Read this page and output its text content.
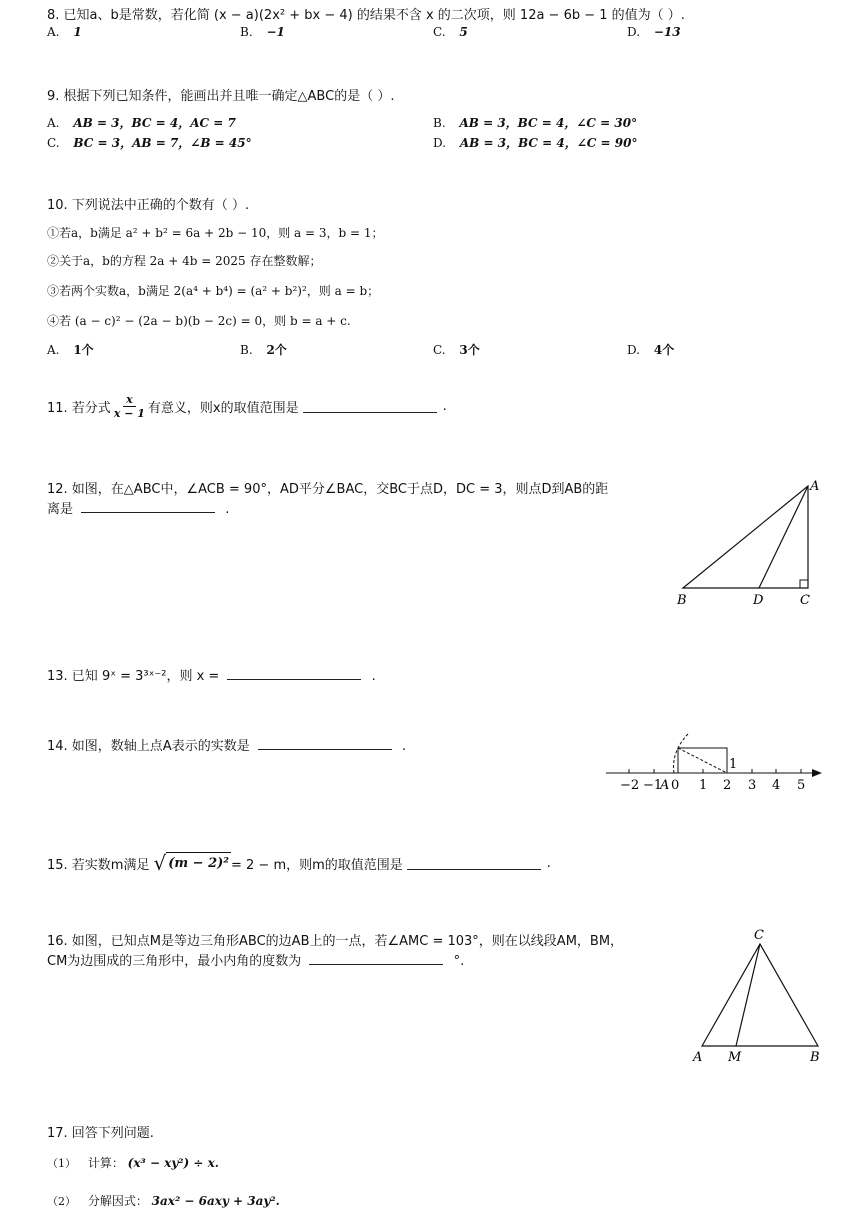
8. 已知a、b是常数，若化简 (x − a)(2x² + bx − 4) 的结果不含 x 的二次项，则 12a − 6b − 1 的值为（ ）.
A. 1	B. −1	C. 5	D. −13
9. 根据下列已知条件，能画出并且唯一确定△ABC的是（ ）.
A. AB = 3，BC = 4，AC = 7	B. AB = 3，BC = 4，∠C = 30°
C. BC = 3，AB = 7，∠B = 45°	D. AB = 3，BC = 4，∠C = 90°
10. 下列说法中正确的个数有（ ）.
①若a，b满足 a² + b² = 6a + 2b − 10，则 a = 3，b = 1；
②关于a，b的方程 2a + 4b = 2025 存在整数解；
③若两个实数a，b满足 2(a⁴ + b⁴) = (a² + b²)²，则 a = b；
④若 (a − c)² − (2a − b)(b − 2c) = 0，则 b = a + c.
A. 1个	B. 2个	C. 3个	D. 4个
11. 若分式 $\frac{x}{x - 1}$ 有意义，则x的取值范围是	.
12. 如图，在△ABC中，∠ACB = 90°，AD平分∠BAC，交BC于点D，DC = 3，则点D到AB的距
离是	.
A
B	D	C
13. 已知 9ˣ = 3³ˣ⁻²，则 x =	.
14. 如图，数轴上点A表示的实数是	.
1
−2 −1
A 0 1 2 3 4 5
15. 若实数m满足 √ (m − 2)² = 2 − m，则m的取值范围是	.
16. 如图，已知点M是等边三角形ABC的边AB上的一点，若∠AMC = 103°，则在以线段AM，BM，
CM为边围成的三角形中，最小内角的度数为	°.
C
A M	B
17. 回答下列问题.
（1） 计算： (x³ − xy²) ÷ x.
（2） 分解因式： 3ax² − 6axy + 3ay².
